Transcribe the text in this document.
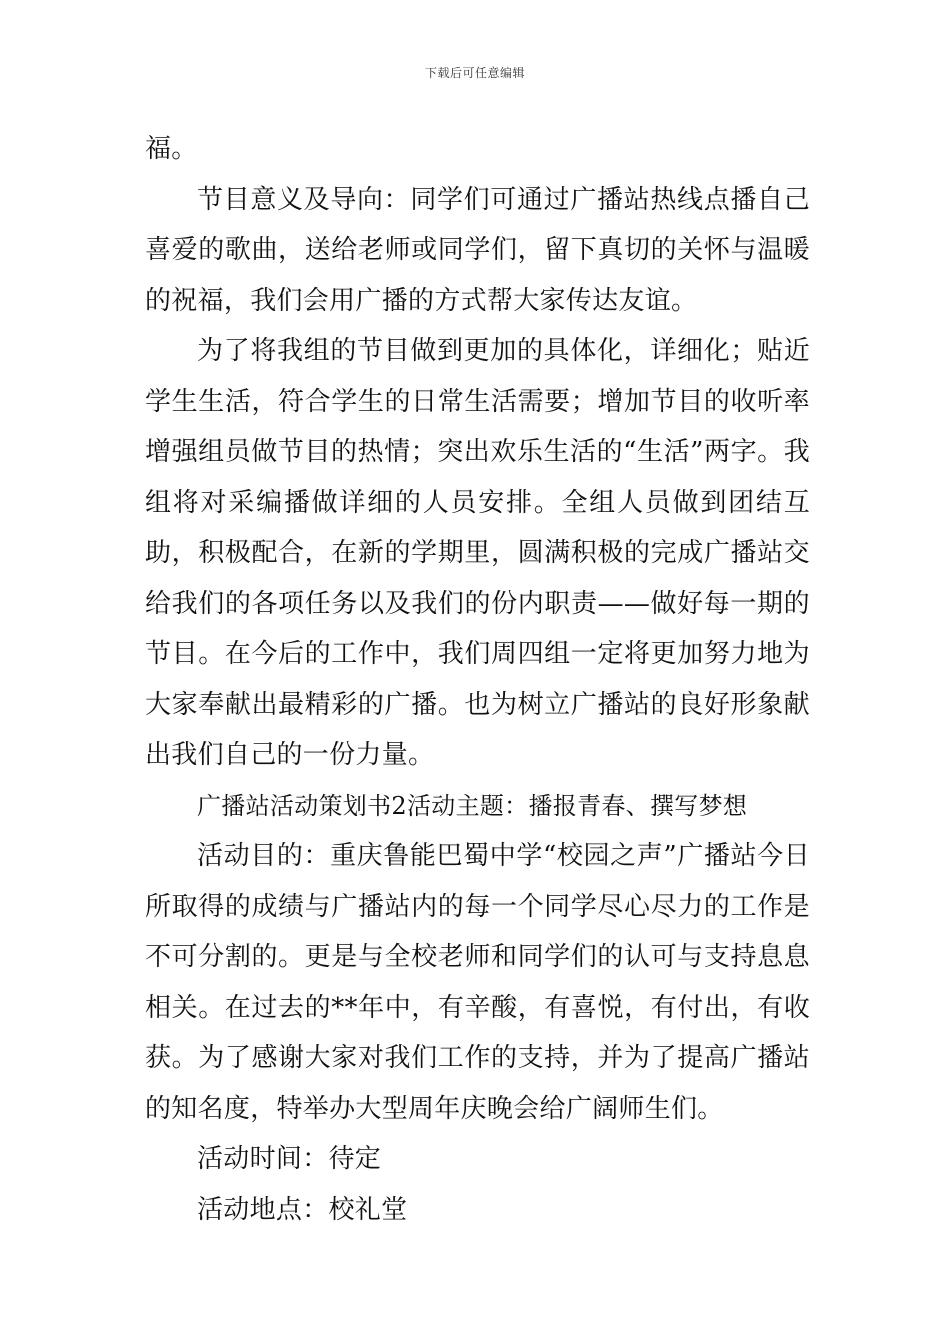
下载后可任意编辑

福。

节目意义及导向：同学们可通过广播站热线点播自己喜爱的歌曲，送给老师或同学们，留下真切的关怀与温暖的祝福，我们会用广播的方式帮大家传达友谊。

为了将我组的节目做到更加的具体化，详细化；贴近学生生活，符合学生的日常生活需要；增加节目的收听率增强组员做节目的热情；突出欢乐生活的“生活”两字。我组将对采编播做详细的人员安排。全组人员做到团结互助，积极配合，在新的学期里，圆满积极的完成广播站交给我们的各项任务以及我们的份内职责——做好每一期的节目。在今后的工作中，我们周四组一定将更加努力地为大家奉献出最精彩的广播。也为树立广播站的良好形象献出我们自己的一份力量。

广播站活动策划书2活动主题：播报青春、撰写梦想

活动目的：重庆鲁能巴蜀中学“校园之声”广播站今日所取得的成绩与广播站内的每一个同学尽心尽力的工作是不可分割的。更是与全校老师和同学们的认可与支持息息相关。在过去的**年中，有辛酸，有喜悦，有付出，有收获。为了感谢大家对我们工作的支持，并为了提高广播站的知名度，特举办大型周年庆晚会给广阔师生们。

活动时间：待定

活动地点：校礼堂
